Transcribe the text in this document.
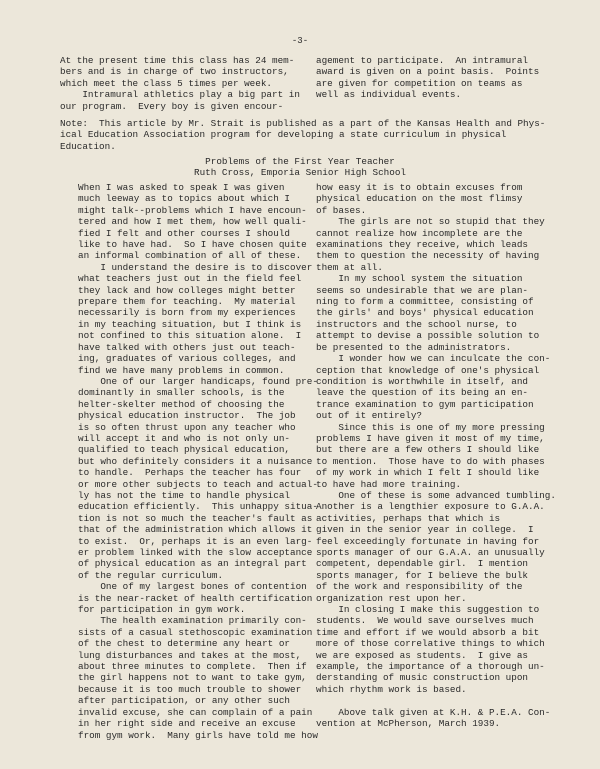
-3-
At the present time this class has 24 mem-
bers and is in charge of two instructors,
which meet the class 5 times per week.
Intramural athletics play a big part in
our program.  Every boy is given encour-
agement to participate.  An intramural
award is given on a point basis.  Points
are given for competition on teams as
well as individual events.
Note:  This article by Mr. Strait is published as a part of the Kansas Health and Phys-
ical Education Association program for developing a state curriculum in physical
Education.
Problems of the First Year Teacher
Ruth Cross, Emporia Senior High School
When I was asked to speak I was given
much leeway as to topics about which I
might talk--problems which I have encoun-
tered and how I met them, how well quali-
fied I felt and other courses I should
like to have had.  So I have chosen quite
an informal combination of all of these.
I understand the desire is to discover
what teachers just out in the field feel
they lack and how colleges might better
prepare them for teaching.  My material
necessarily is born from my experiences
in my teaching situation, but I think is
not confined to this situation alone.  I
have talked with others just out teach-
ing, graduates of various colleges, and
find we have many problems in common.
One of our larger handicaps, found pre-
dominantly in smaller schools, is the
helter-skelter method of choosing the
physical education instructor.  The job
is so often thrust upon any teacher who
will accept it and who is not only un-
qualified to teach physical education,
but who definitely considers it a nuisance
to handle.  Perhaps the teacher has four
or more other subjects to teach and actual-
ly has not the time to handle physical
education efficiently.  This unhappy situa-
tion is not so much the teacher's fault as
that of the administration which allows it
to exist.  Or, perhaps it is an even larg-
er problem linked with the slow acceptance
of physical education as an integral part
of the regular curriculum.
One of my largest bones of contention
is the near-racket of health certification
for participation in gym work.
The health examination primarily con-
sists of a casual stethoscopic examination
of the chest to determine any heart or
lung disturbances and takes at the most,
about three minutes to complete.  Then if
the girl happens not to want to take gym,
because it is too much trouble to shower
after participation, or any other such
invalid excuse, she can complain of a pain
in her right side and receive an excuse
from gym work.  Many girls have told me how
how easy it is to obtain excuses from
physical education on the most flimsy
of bases.
The girls are not so stupid that they
cannot realize how incomplete are the
examinations they receive, which leads
them to question the necessity of having
them at all.
In my school system the situation
seems so undesirable that we are plan-
ning to form a committee, consisting of
the girls' and boys' physical education
instructors and the school nurse, to
attempt to devise a possible solution to
be presented to the administrators.
I wonder how we can inculcate the con-
ception that knowledge of one's physical
condition is worthwhile in itself, and
leave the question of its being an en-
trance examination to gym participation
out of it entirely?
Since this is one of my more pressing
problems I have given it most of my time,
but there are a few others I should like
to mention.  Those have to do with phases
of my work in which I felt I should like
to have had more training.
One of these is some advanced tumbling.
Another is a lengthier exposure to G.A.A.
activities, perhaps that which is
given in the senior year in college.  I
feel exceedingly fortunate in having for
sports manager of our G.A.A. an unusually
competent, dependable girl.  I mention
sports manager, for I believe the bulk
of the work and responsibility of the
organization rest upon her.
In closing I make this suggestion to
students.  We would save ourselves much
time and effort if we would absorb a bit
more of those correlative things to which
we are exposed as students.  I give as
example, the importance of a thorough un-
derstanding of music construction upon
which rhythm work is based.
Above talk given at K.H. & P.E.A. Con-
vention at McPherson, March 1939.
